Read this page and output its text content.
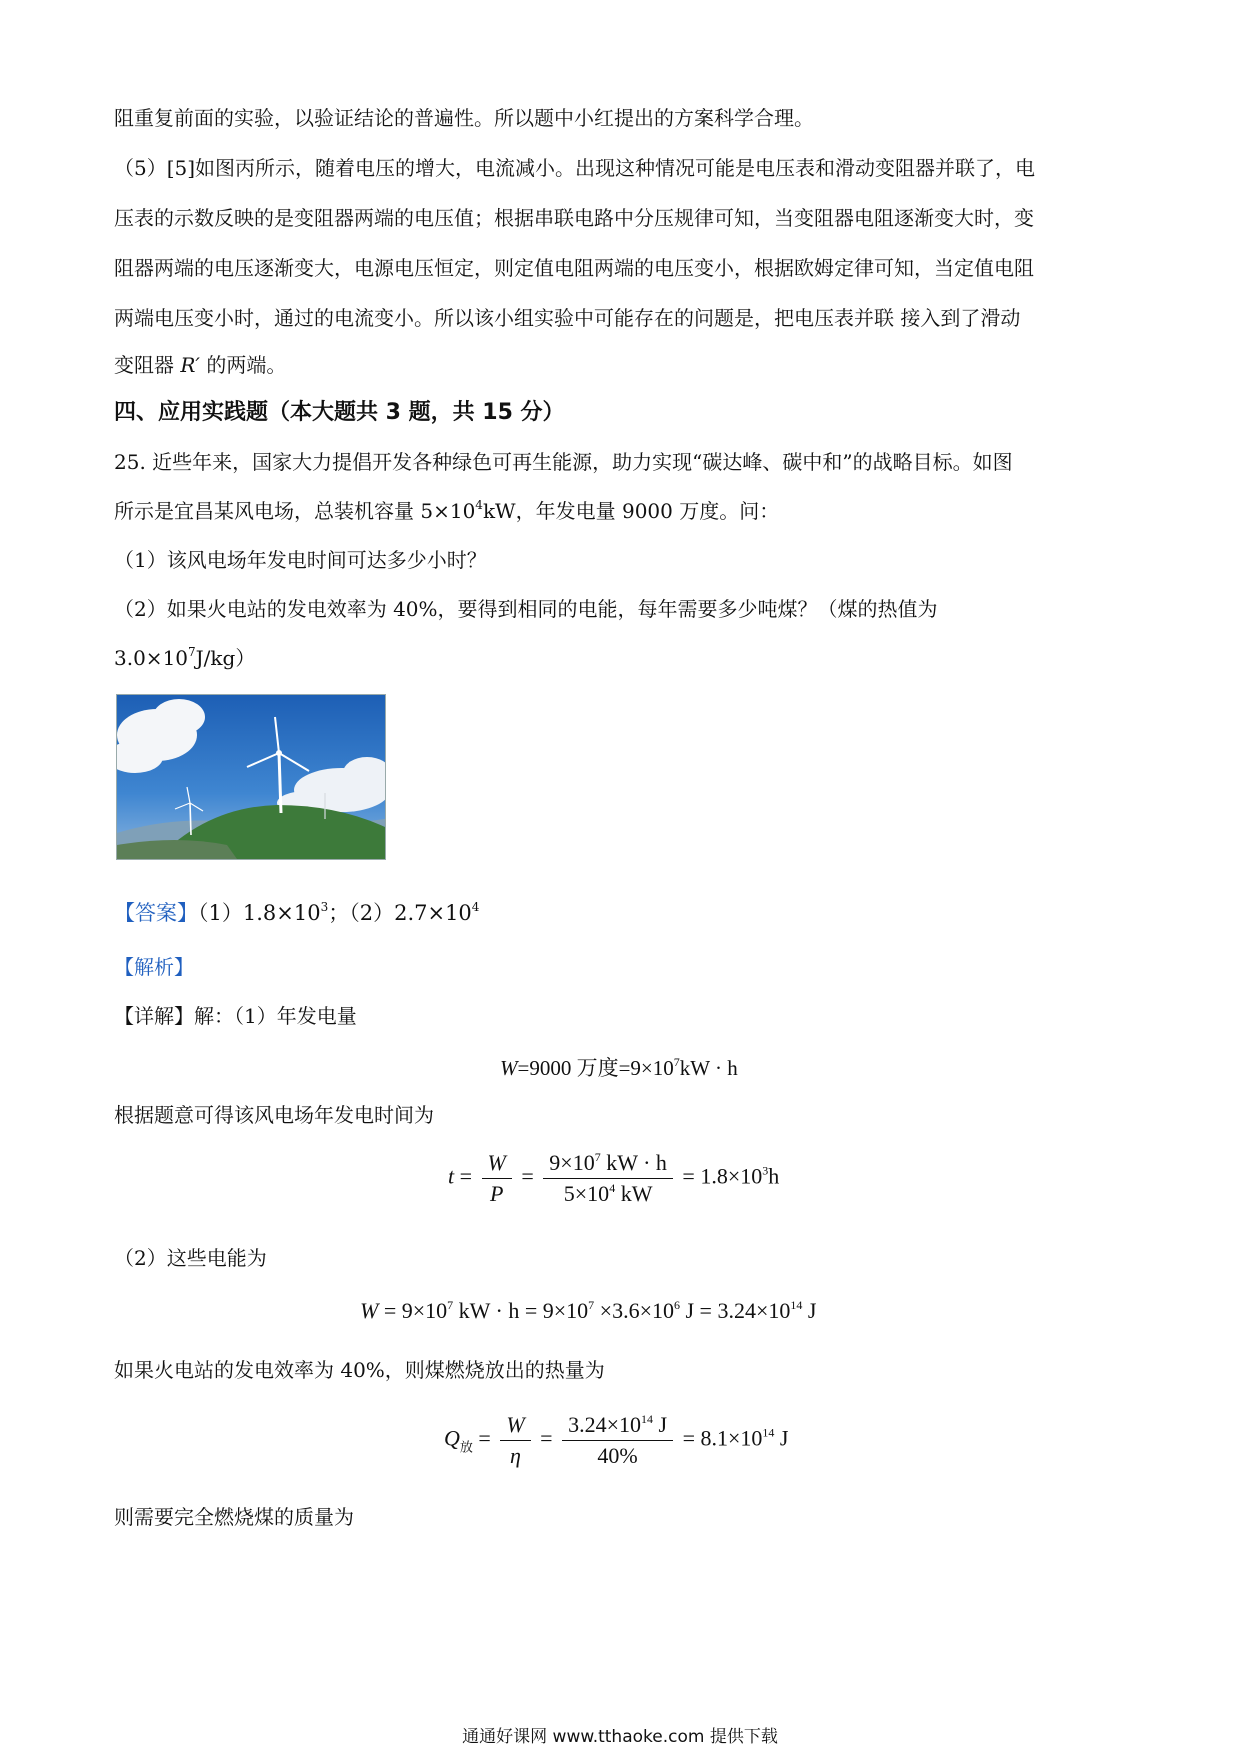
阻重复前面的实验，以验证结论的普遍性。所以题中小红提出的方案科学合理。
（5）[5]如图丙所示，随着电压的增大，电流减小。出现这种情况可能是电压表和滑动变阻器并联了，电
压表的示数反映的是变阻器两端的电压值；根据串联电路中分压规律可知，当变阻器电阻逐渐变大时，变
阻器两端的电压逐渐变大，电源电压恒定，则定值电阻两端的电压变小，根据欧姆定律可知，当定值电阻
两端电压变小时，通过的电流变小。所以该小组实验中可能存在的问题是，把电压表并联 接入到了滑动
变阻器 R′ 的两端。
四、应用实践题（本大题共 3 题，共 15 分）
25. 近些年来，国家大力提倡开发各种绿色可再生能源，助力实现“碳达峰、碳中和”的战略目标。如图
所示是宜昌某风电场，总装机容量 $5\times 10^4kW$，年发电量 9000 万度。问：
（1）该风电场年发电时间可达多少小时？
（2）如果火电站的发电效率为 40%，要得到相同的电能，每年需要多少吨煤？（煤的热值为
$3.0\times 10^7J/kg$）
【答案】$(1)1.8\times 10^3$；$(2)2.7\times 10^4$
【解析】
【详解】解：（1）年发电量
W=9000 万度$=9\times 10^7kW \cdot h$
根据题意可得该风电场年发电时间为
$t = \frac{W}{P} = \frac{9\times 10^7 kW \cdot h}{5\times 10^4 kW} = 1.8\times 10^3h$
（2）这些电能为
$W = 9\times 10^7$ kW · $h = 9\times 10^7 \times 3.6\times 10^6$ $J = 3.24\times 10^{14}$ J
如果火电站的发电效率为 40%，则煤燃烧放出的热量为
$Q_放 = \frac{W}{\eta} = \frac{3.24\times 10^{14} J}{40\%} = 8.1\times 10^{14}$ J
则需要完全燃烧煤的质量为
通通好课网 www.tthaoke.com 提供下载
